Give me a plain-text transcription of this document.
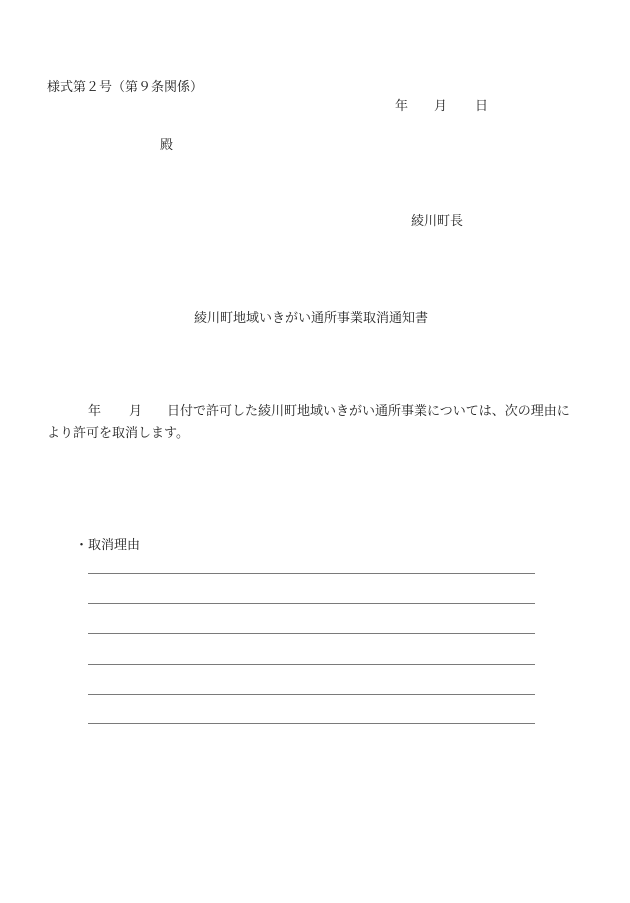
様式第２号（第９条関係）
年 月 日
殿
綾川町長
綾川町地域いきがい通所事業取消通知書
年 月 日付で許可した綾川町地域いきがい通所事業については、次の理由に
より許可を取消します。
・取消理由
